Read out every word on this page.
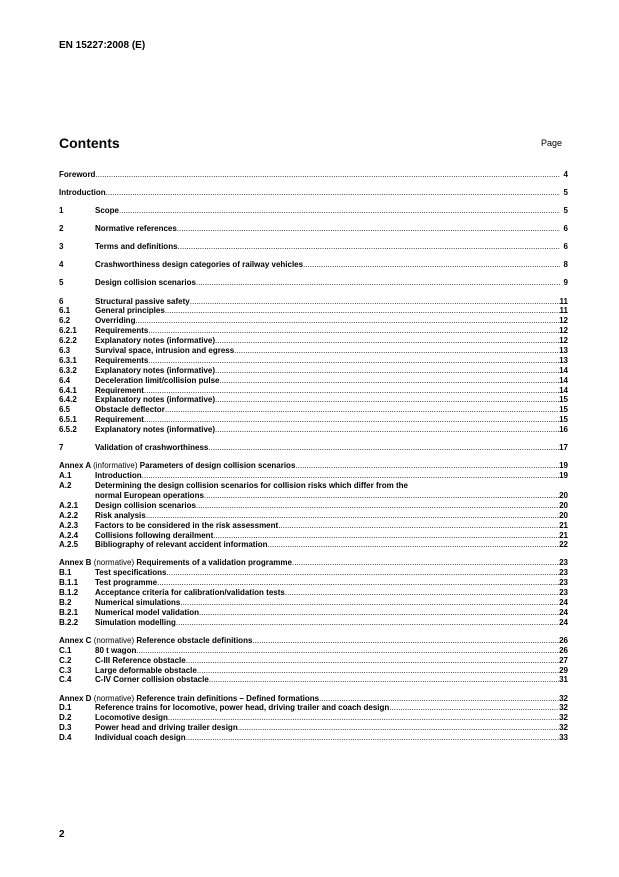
EN 15227:2008 (E)
Contents	Page
Foreword .....	4
Introduction .....	5
1	Scope .....	5
2	Normative references .....	6
3	Terms and definitions .....	6
4	Crashworthiness design categories of railway vehicles .....	8
5	Design collision scenarios .....	9
6	Structural passive safety .....	11
6.1	General principles .....	11
6.2	Overriding .....	12
6.2.1	Requirements .....	12
6.2.2	Explanatory notes (informative) .....	12
6.3	Survival space, intrusion and egress .....	13
6.3.1	Requirements .....	13
6.3.2	Explanatory notes (informative) .....	14
6.4	Deceleration limit/collision pulse .....	14
6.4.1	Requirement .....	14
6.4.2	Explanatory notes (informative) .....	15
6.5	Obstacle deflector .....	15
6.5.1	Requirement .....	15
6.5.2	Explanatory notes (informative) .....	16
7	Validation of crashworthiness .....	17
Annex A (informative) Parameters of design collision scenarios .....	19
A.1	Introduction .....	19
A.2	Determining the design collision scenarios for collision risks which differ from the
normal European operations .....	20
A.2.1	Design collision scenarios .....	20
A.2.2	Risk analysis .....	20
A.2.3	Factors to be considered in the risk assessment .....	21
A.2.4	Collisions following derailment .....	21
A.2.5	Bibliography of relevant accident information .....	22
Annex B (normative) Requirements of a validation programme .....	23
B.1	Test specifications .....	23
B.1.1	Test programme .....	23
B.1.2	Acceptance criteria for calibration/validation tests .....	23
B.2	Numerical simulations .....	24
B.2.1	Numerical model validation .....	24
B.2.2	Simulation modelling .....	24
Annex C (normative) Reference obstacle definitions .....	26
C.1	80 t wagon .....	26
C.2	C-III Reference obstacle .....	27
C.3	Large deformable obstacle .....	29
C.4	C-IV Corner collision obstacle .....	31
Annex D (normative) Reference train definitions – Defined formations .....	32
D.1	Reference trains for locomotive, power head, driving trailer and coach design .....	32
D.2	Locomotive design .....	32
D.3	Power head and driving trailer design .....	32
D.4	Individual coach design .....	33
2
